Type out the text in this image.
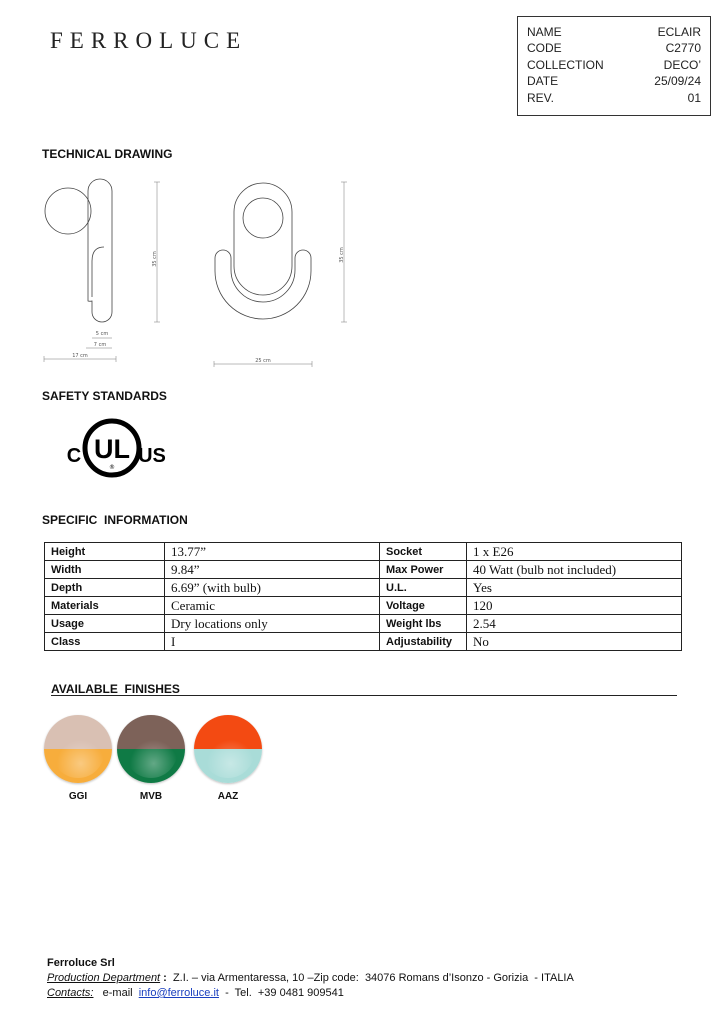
FERROLUCE	NAME	ECLAIR
CODE	C2770
COLLECTION	DECO’
DATE	25/09/24
REV.	01
TECHNICAL DRAWING
35 cm	35 cm
5 cm
7 cm
17 cm
25 cm
SAFETY STANDARDS
C UL
®
US
SPECIFIC  INFORMATION
Height	13.77”	Socket	1 x E26
Width	9.84”	Max Power	40 Watt (bulb not included)
Depth	6.69” (with bulb)	U.L.	Yes
Materials	Ceramic	Voltage	120
Usage	Dry locations only	Weight lbs	2.54
Class	I	Adjustability	No
AVAILABLE  FINISHES
GGI	MVB	AAZ
Ferroluce Srl
Production Department :  Z.I. – via Armentaressa, 10 –Zip code:  34076 Romans d’Isonzo - Gorizia  - ITALIA
Contacts:   e-mail  info@ferroluce.it  -  Tel.  +39 0481 909541
